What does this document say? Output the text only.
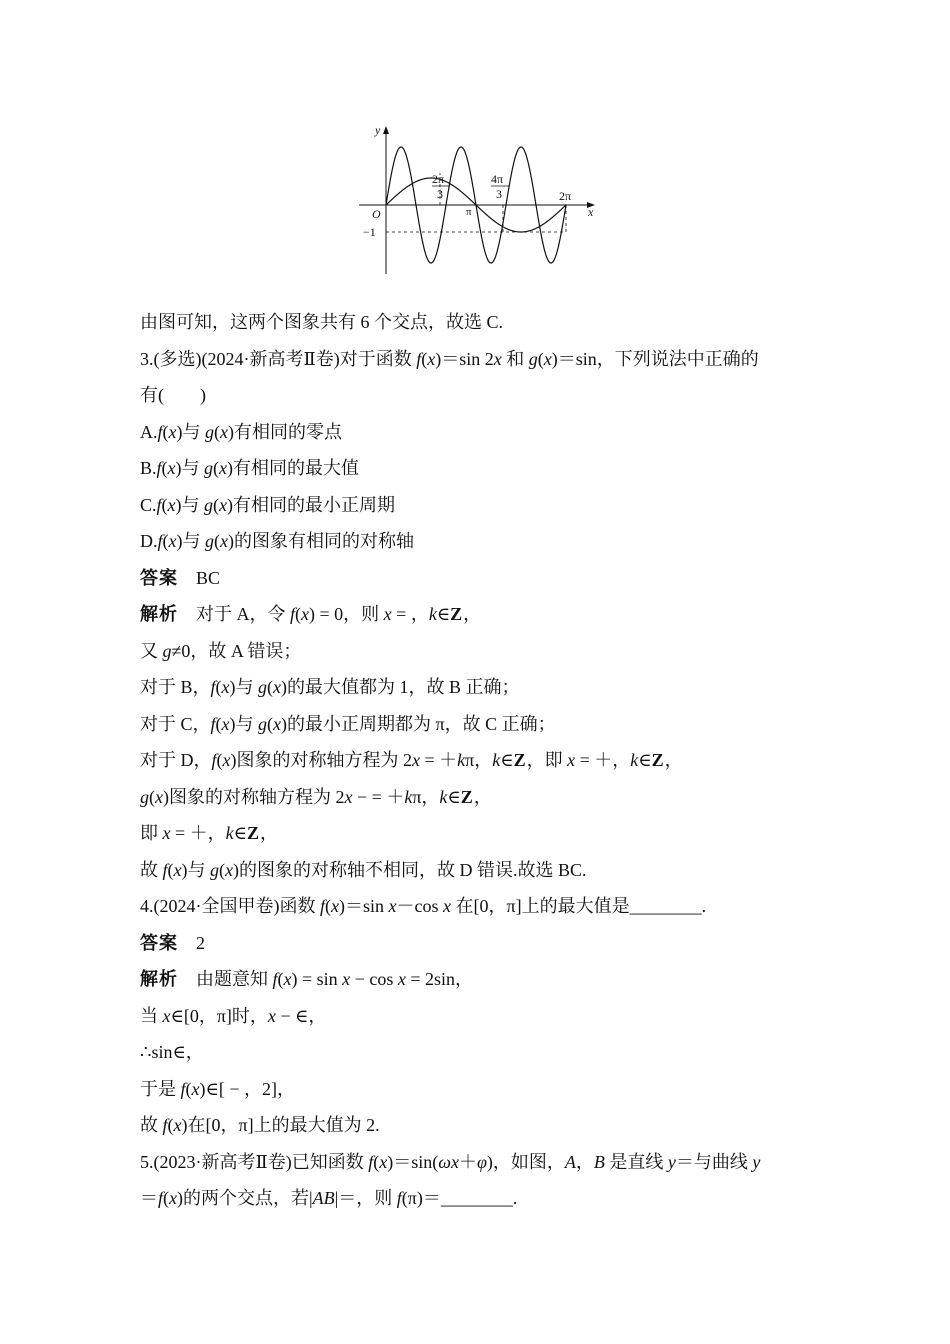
y
x
O
2π
3
π
4π
3	2π
−1
由图可知，这两个图象共有 6 个交点，故选 C.
3.(多选)(2024·新高考Ⅱ卷)对于函数 f(x)＝sin 2x 和 g(x)＝sin，下列说法中正确的
有(　　)
A.f(x)与 g(x)有相同的零点
B.f(x)与 g(x)有相同的最大值
C.f(x)与 g(x)有相同的最小正周期
D.f(x)与 g(x)的图象有相同的对称轴
答案 BC
解析 对于 A，令 f(x) = 0，则 x = ，k∈Z，
又 g≠0，故 A 错误；
对于 B，f(x)与 g(x)的最大值都为 1，故 B 正确；
对于 C，f(x)与 g(x)的最小正周期都为 π，故 C 正确；
对于 D，f(x)图象的对称轴方程为 2x = ＋kπ，k∈Z，即 x = ＋，k∈Z，
g(x)图象的对称轴方程为 2x − = ＋kπ，k∈Z，
即 x = ＋，k∈Z，
故 f(x)与 g(x)的图象的对称轴不相同，故 D 错误.故选 BC.
4.(2024·全国甲卷)函数 f(x)＝sin x－cos x 在[0，π]上的最大值是________.
答案 2
解析 由题意知 f(x) = sin x − cos x = 2sin，
当 x∈[0，π]时，x − ∈，
∴sin∈，
于是 f(x)∈[ − ，2]，
故 f(x)在[0，π]上的最大值为 2.
5.(2023·新高考Ⅱ卷)已知函数 f(x)＝sin(ωx＋φ)，如图，A，B 是直线 y＝与曲线 y
＝f(x)的两个交点，若|AB|＝，则 f(π)＝________.
